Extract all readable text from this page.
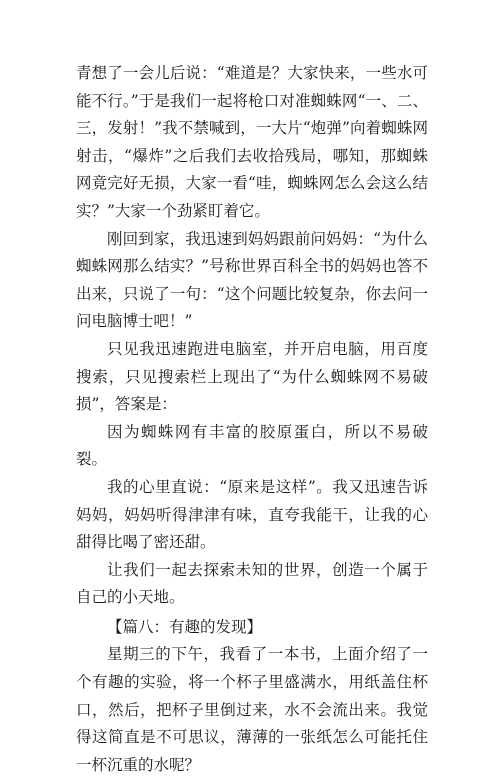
青想了一会儿后说：“难道是？大家快来，一些水可能不行。”于是我们一起将枪口对准蜘蛛网“一、二、三，发射！”我不禁喊到，一大片“炮弹”向着蜘蛛网射击，“爆炸”之后我们去收拾残局，哪知，那蜘蛛网竟完好无损，大家一看“哇，蜘蛛网怎么会这么结实？”大家一个劲紧盯着它。

刚回到家，我迅速到妈妈跟前问妈妈：“为什么蜘蛛网那么结实？”号称世界百科全书的妈妈也答不出来，只说了一句：“这个问题比较复杂，你去问一问电脑博士吧！”

只见我迅速跑进电脑室，并开启电脑，用百度搜索，只见搜索栏上现出了“为什么蜘蛛网不易破损”，答案是：

因为蜘蛛网有丰富的胶原蛋白，所以不易破裂。

我的心里直说：“原来是这样”。我又迅速告诉妈妈，妈妈听得津津有味，直夸我能干，让我的心甜得比喝了密还甜。

让我们一起去探索未知的世界，创造一个属于自己的小天地。

【篇八：有趣的发现】

星期三的下午，我看了一本书，上面介绍了一个有趣的实验，将一个杯子里盛满水，用纸盖住杯口，然后，把杯子里倒过来，水不会流出来。我觉得这简直是不可思议，薄薄的一张纸怎么可能托住一杯沉重的水呢？
